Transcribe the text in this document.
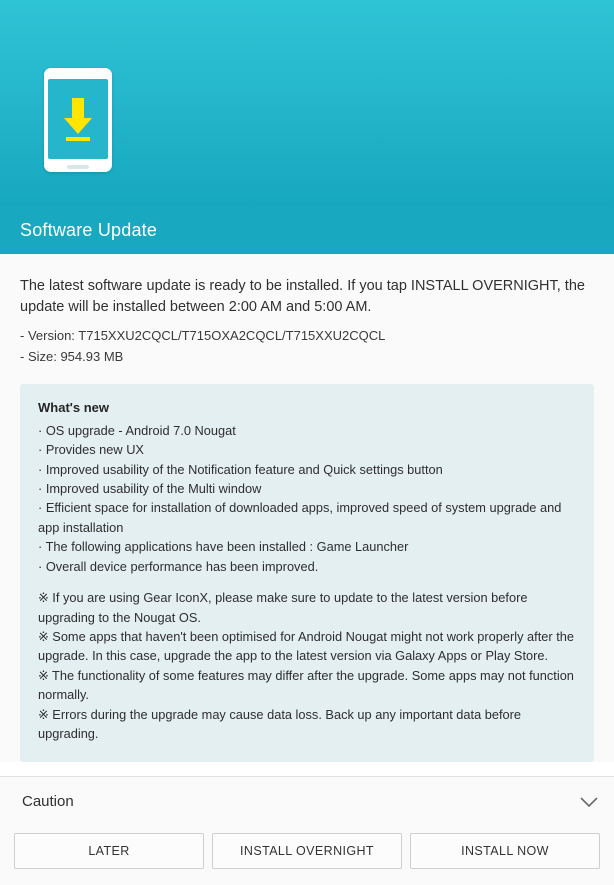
Software Update
The latest software update is ready to be installed. If you tap INSTALL OVERNIGHT, the update will be installed between 2:00 AM and 5:00 AM.
- Version: T715XXU2CQCL/T715OXA2CQCL/T715XXU2CQCL
- Size: 954.93 MB
What's new
· OS upgrade - Android 7.0 Nougat
· Provides new UX
· Improved usability of the Notification feature and Quick settings button
· Improved usability of the Multi window
· Efficient space for installation of downloaded apps, improved speed of system upgrade and app installation
· The following applications have been installed : Game Launcher
· Overall device performance has been improved.
※ If you are using Gear IconX, please make sure to update to the latest version before upgrading to the Nougat OS.
※ Some apps that haven't been optimised for Android Nougat might not work properly after the upgrade. In this case, upgrade the app to the latest version via Galaxy Apps or Play Store.
※ The functionality of some features may differ after the upgrade. Some apps may not function normally.
※ Errors during the upgrade may cause data loss. Back up any important data before upgrading.
Caution
LATER	INSTALL OVERNIGHT	INSTALL NOW
